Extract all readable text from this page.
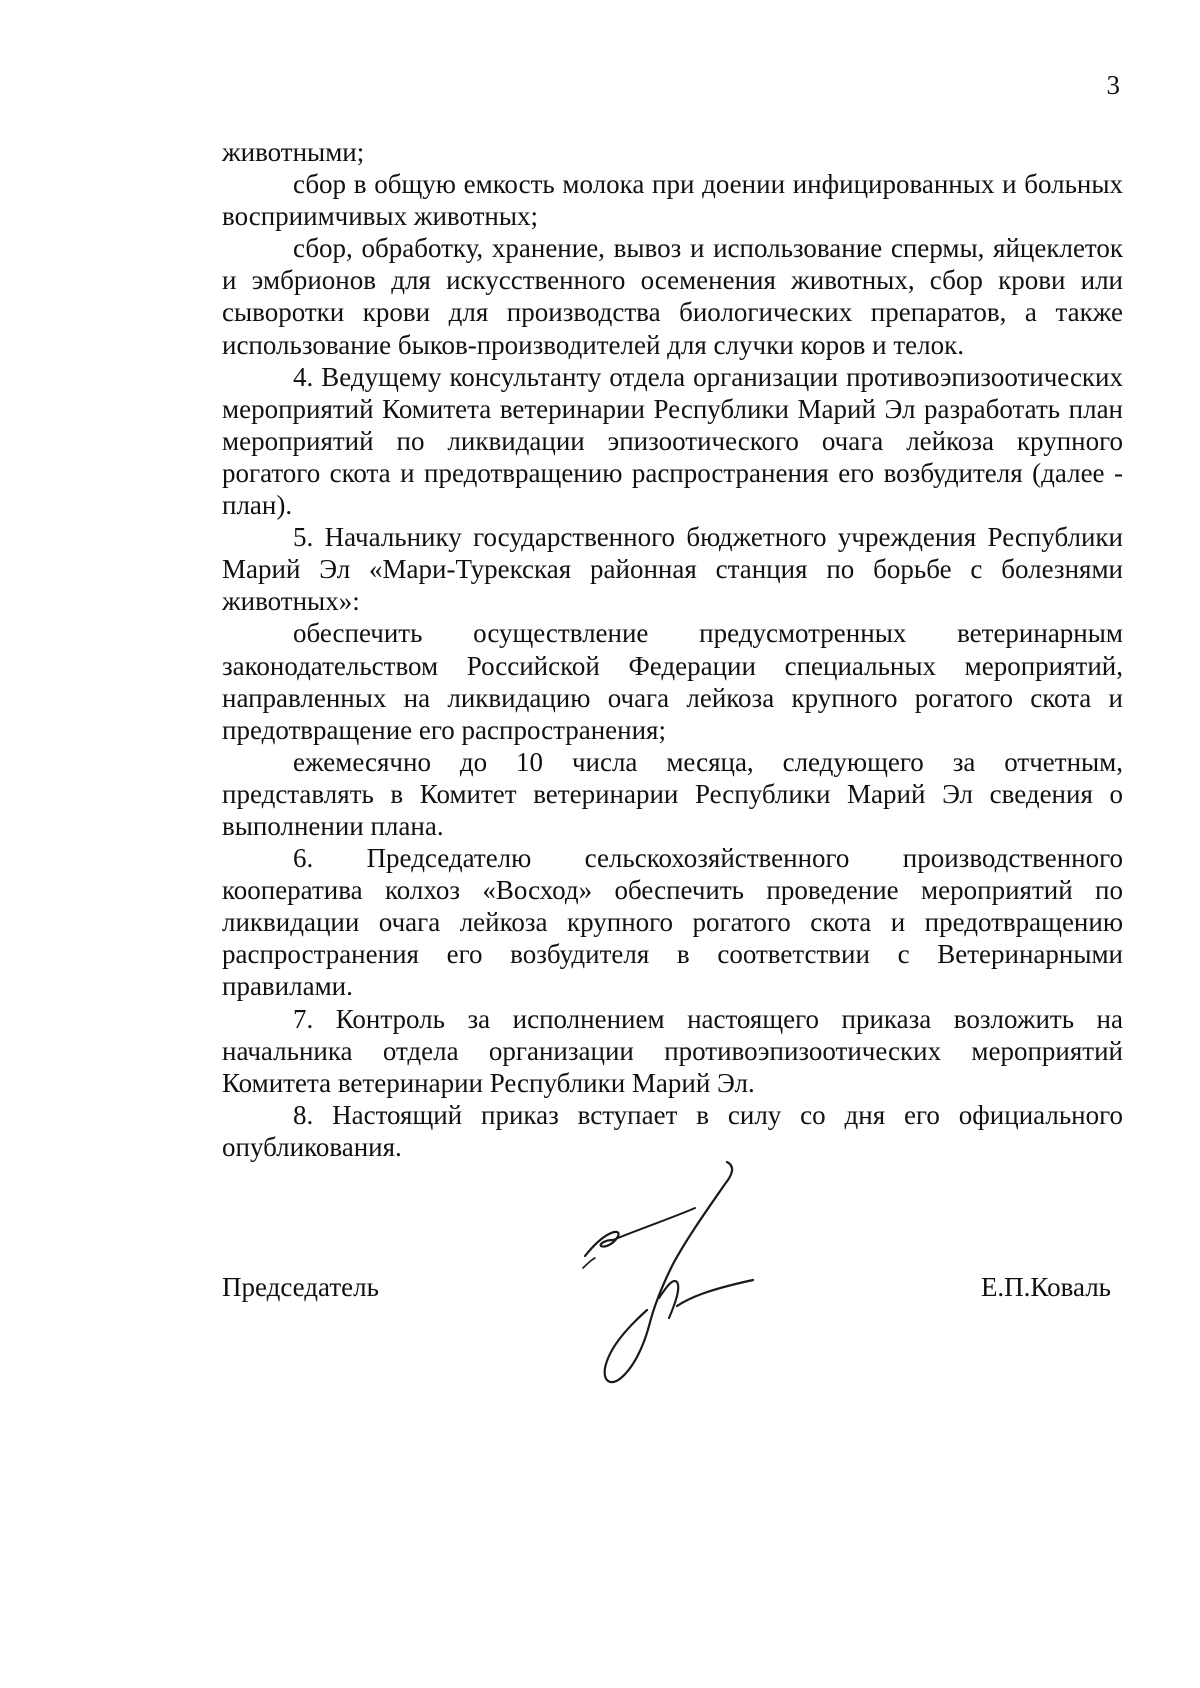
3

животными;

сбор в общую емкость молока при доении инфицированных и больных восприимчивых животных;

сбор, обработку, хранение, вывоз и использование спермы, яйцеклеток и эмбрионов для искусственного осеменения животных, сбор крови или сыворотки крови для производства биологических препаратов, а также использование быков-производителей для случки коров и телок.

4. Ведущему консультанту отдела организации противоэпизоотических мероприятий Комитета ветеринарии Республики Марий Эл разработать план мероприятий по ликвидации эпизоотического очага лейкоза крупного рогатого скота и предотвращению распространения его возбудителя (далее - план).

5. Начальнику государственного бюджетного учреждения Республики Марий Эл «Мари-Турекская районная станция по борьбе с болезнями животных»:

обеспечить осуществление предусмотренных ветеринарным законодательством Российской Федерации специальных мероприятий, направленных на ликвидацию очага лейкоза крупного рогатого скота и предотвращение его распространения;

ежемесячно до 10 числа месяца, следующего за отчетным, представлять в Комитет ветеринарии Республики Марий Эл сведения о выполнении плана.

6. Председателю сельскохозяйственного производственного кооператива колхоз «Восход» обеспечить проведение мероприятий по ликвидации очага лейкоза крупного рогатого скота и предотвращению распространения его возбудителя в соответствии с Ветеринарными правилами.

7. Контроль за исполнением настоящего приказа возложить на начальника отдела организации противоэпизоотических мероприятий Комитета ветеринарии Республики Марий Эл.

8. Настоящий приказ вступает в силу со дня его официального опубликования.

Председатель	Е.П.Коваль
